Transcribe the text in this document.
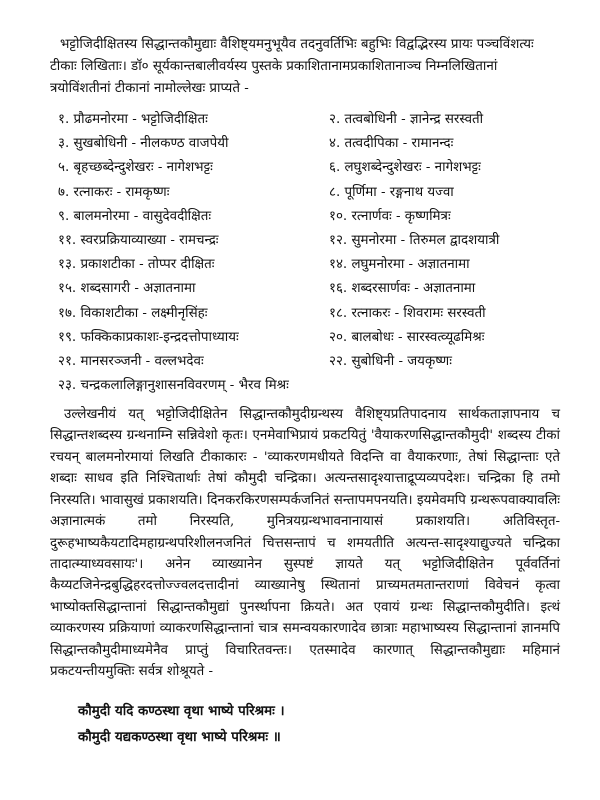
भट्टोजिदीक्षितस्य सिद्धान्तकौमुद्याः वैशिष्ट्यमनुभूयैव तदनुवर्तिभिः बहुभिः विद्वद्भिरस्य प्रायः पञ्चविंशत्यः टीकाः लिखिताः। डॉ० सूर्यकान्तबालीवर्यस्य पुस्तके प्रकाशितानामप्रकाशितानाञ्च निम्नलिखितानां त्रयोविंशतीनां टीकानां नामोल्लेखः प्राप्यते -

१. प्रौढमनोरमा - भट्टोजिदीक्षितः	२. तत्वबोधिनी - ज्ञानेन्द्र सरस्वती
३. सुखबोधिनी - नीलकण्ठ वाजपेयी	४. तत्वदीपिका - रामानन्दः
५. बृहच्छब्देन्दुशेखरः - नागेशभट्टः	६. लघुशब्देन्दुशेखरः - नागेशभट्टः
७. रत्नाकरः - रामकृष्णः	८. पूर्णिमा - रङ्गनाथ यज्वा
९. बालमनोरमा - वासुदेवदीक्षितः	१०. रत्नार्णवः - कृष्णमित्रः
११. स्वरप्रक्रियाव्याख्या - रामचन्द्रः	१२. सुमनोरमा - तिरुमल द्वादशयात्री
१३. प्रकाशटीका - तोप्पर दीक्षितः	१४. लघुमनोरमा - अज्ञातनामा
१५. शब्दसागरी - अज्ञातनामा	१६. शब्दरसार्णवः - अज्ञातनामा
१७. विकाशटीका - लक्ष्मीनृसिंहः	१८. रत्नाकरः - शिवरामः सरस्वती
१९. फक्किकाप्रकाशः-इन्द्रदत्तोपाध्यायः	२०. बालबोधः - सारस्वत्व्यूढमिश्रः
२१. मानसरञ्जनी - वल्लभदेवः	२२. सुबोधिनी - जयकृष्णः
२३. चन्द्रकलालिङ्गानुशासनविवरणम् - भैरव मिश्रः

उल्लेखनीयं यत् भट्टोजिदीक्षितेन सिद्धान्तकौमुदीग्रन्थस्य वैशिष्ट्यप्रतिपादनाय सार्थकताज्ञापनाय च सिद्धान्तशब्दस्य ग्रन्थनाम्नि सन्निवेशो कृतः। एनमेवाभिप्रायं प्रकटयितुं 'वैयाकरणसिद्धान्तकौमुदी' शब्दस्य टीकां रचयन् बालमनोरमायां लिखति टीकाकारः - 'व्याकरणमधीयते विदन्ति वा वैयाकरणाः, तेषां सिद्धान्ताः एते शब्दाः साधव इति निश्चितार्थाः तेषां कौमुदी चन्द्रिका। अत्यन्तसादृश्यात्ताद्रूप्यव्यपदेशः। चन्द्रिका हि तमो निरस्यति। भावासुखं प्रकाशयति। दिनकरकिरणसम्पर्कजनितं सन्तापमपनयति। इयमेवमपि ग्रन्थरूपवाक्यावलिः अज्ञानात्मकं तमो निरस्यति, मुनित्रयग्रन्थभावनानायासं प्रकाशयति। अतिविस्तृत-दुरूहभाष्यकैयटादिमहाग्रन्थपरिशीलनजनितं चित्तसन्तापं च शमयतीति अत्यन्त-सादृश्याद्युज्यते चन्द्रिका तादात्म्याध्यवसायः'। अनेन व्याख्यानेन सुस्पष्टं ज्ञायते यत् भट्टोजिदीक्षितेन पूर्ववर्तिनां कैय्यटजिनेन्द्रबुद्धिहरदत्तोज्ज्वलदत्तादीनां व्याख्यानेषु स्थितानां प्राच्यमतमतान्तराणां विवेचनं कृत्वा भाष्योक्तसिद्धान्तानां सिद्धान्तकौमुद्यां पुनर्स्थापना क्रियते। अत एवायं ग्रन्थः सिद्धान्तकौमुदीति। इत्थं व्याकरणस्य प्रक्रियाणां व्याकरणसिद्धान्तानां चात्र समन्वयकारणादेव छात्राः महाभाष्यस्य सिद्धान्तानां ज्ञानमपि सिद्धान्तकौमुदीमाध्यमेनैव प्राप्तुं विचारितवन्तः। एतस्मादेव कारणात् सिद्धान्तकौमुद्याः महिमानं प्रकटयन्तीयमुक्तिः सर्वत्र शोश्रूयते -

कौमुदी यदि कण्ठस्था वृथा भाष्ये परिश्रमः ।
कौमुदी यद्यकण्ठस्था वृथा भाष्ये परिश्रमः ॥
